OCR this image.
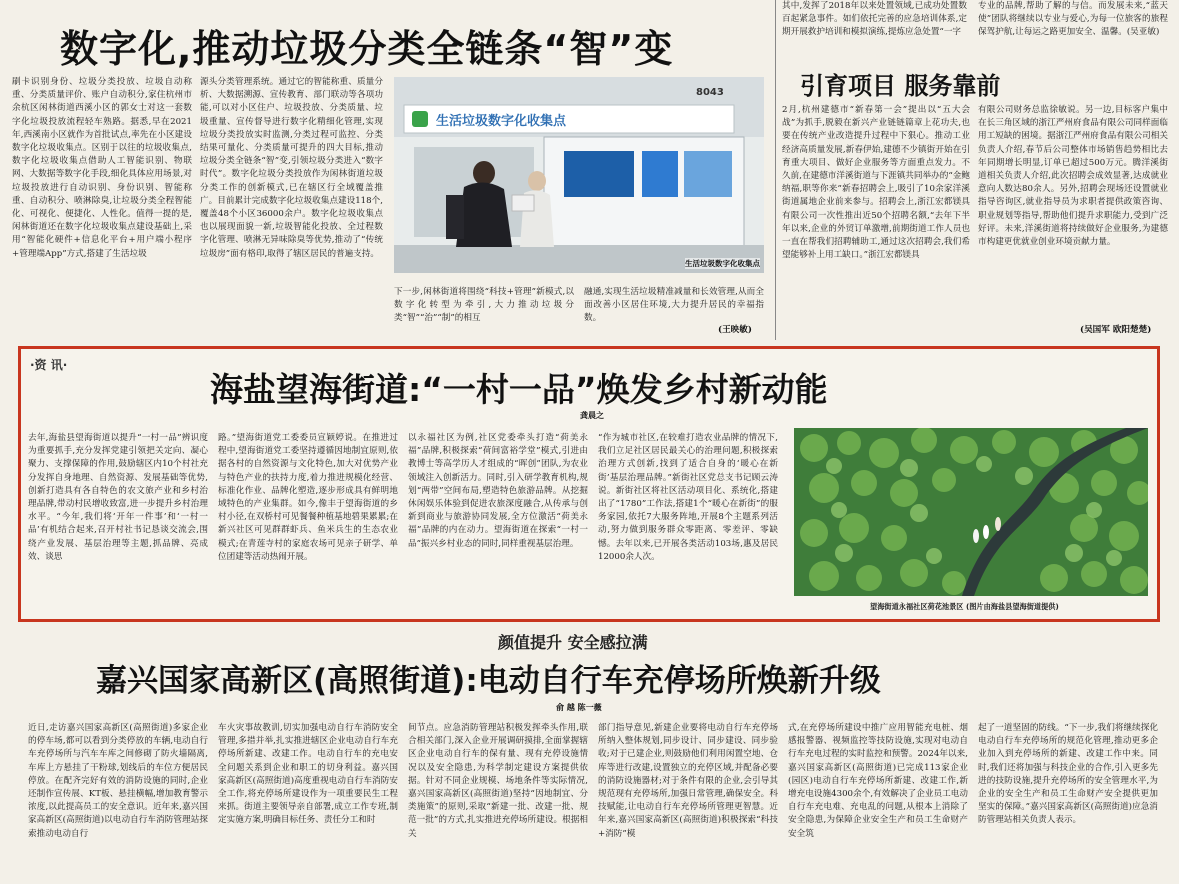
数字化,推动垃圾分类全链条“智”变
刷卡识别身份、垃圾分类投放、垃圾自动称重、分类质量评价、账户自动积分,家住杭州市余杭区闲林街道西溪小区的郭女士对这一套数字化垃圾投放流程轻车熟路。据悉,早在2021年,西溪南小区就作为首批试点,率先在小区建设数字化垃圾收集点。区别于以往的垃圾收集点,数字化垃圾收集点借助人工智能识别、物联网、大数据等数字化手段,细化具体应用场景,对垃圾投放进行自动识别、身份识别、智能称重、自动积分、喷淋除臭,让垃圾分类全程智能化、可视化、便捷化、人性化。值得一提的是,闲林街道还在数字化垃圾收集点建设基础上,采用“智能化硬件+信息化平台+用户端小程序+管理端App”方式,搭建了生活垃圾
源头分类管理系统。通过它的智能称重、质量分析、大数据溯源、宣传教育、部门联动等各项功能,可以对小区住户、垃圾投放、分类质量、垃圾重量、宣传督导进行数字化精细化管理,实现垃圾分类投放实时监测,分类过程可监控、分类结果可量化、分类质量可提升的四大目标,推动垃圾分类全链条“智”变,引领垃圾分类进入“数字时代”。数字化垃圾分类投放作为闲林街道垃圾分类工作的创新模式,已在辖区行全域覆盖推广。目前累计完成数字化垃圾收集点建设118个,覆盖48个小区36000余户。数字化垃圾收集点也以展现面貌一新,垃圾智能化投放、全过程数字化管理、喷淋无异味除臭等优势,推动了“传统垃圾房”面有格印,取得了辖区居民的普遍支持。
生活垃圾数字化收集点
8043
生活垃圾数字化收集点
下一步,闲林街道将围绕“科技+管理”新模式,以数字化转型为牵引,大力推动垃圾分类“智”“治”“制”的相互
融通,实现生活垃圾精准减量和长效管理,从而全面改善小区居住环境,大力提升居民的幸福指数。
(王映敏)
其中,发挥了2018年以来处置领域,已成功处置数百起紧急事件。如们依托完善的应急培训体系,定期开展救护培训和模拟演练,提炼应急处置“一字
专业的品牌,帮助了解的与信。而发展未来,“蓝天使”团队将继续以专业与爱心,为每一位旅客的旅程保驾护航,让每运之路更加安全、温馨。(吴亚敏)
引育项目 服务靠前
2月,杭州建德市“新春第一会”提出以“五大会战”为抓手,脱毅在新兴产业链链篇章上花功夫,也要在传统产业改造提升过程中下狠心。推动工业经济高质量发展,新春伊始,建德不少镇街开始在引育重大项目、做好企业服务等方面重点发力。不久前,在建德市洋溪街道与下涯镇共同举办的“金鲍纳福,职等你来”新春招聘会上,吸引了10余家洋溪街道属地企业前来参与。招聘会上,浙江宏都镁具有限公司一次性推出近50个招聘名额,“去年下半年以来,企业的外贸订单激增,前期街道工作人员也一直在帮我们招聘辅助工,通过这次招聘会,我们希望能够补上用工缺口。”浙江宏都镁具
有限公司财务总监徐敏说。另一边,目标客户集中在长三角区域的浙江严州府食品有限公司同样面临用工短缺的困境。据浙江严州府食品有限公司相关负责人介绍,春节后公司整体市场销售趋势相比去年同期增长明显,订单已超过500万元。腾洋溪街道相关负责人介绍,此次招聘会成效显著,达成就业意向人数达80余人。另外,招聘会现场还设置就业指导咨询区,就业指导员为求职者提供政策咨询、职业规划等指导,帮助他们提升求职能力,受到广泛好评。未来,洋溪街道将持续做好企业服务,为建德市构建更优就业创业环境贡献力量。
(吴国军 欧阳楚楚)
·资 讯·
海盐望海街道:“一村一品”焕发乡村新动能
龚晨之
去年,海盐县望海街道以提升“一村一品”辨识度为重要抓手,充分发挥党建引领把关定向、凝心聚力、支撑保障的作用,鼓励辖区内10个村社充分发挥自身地理、自然资源、发展基础等优势,创新打造具有各自特色的农文旅产业和乡村治理品牌,带动村民增收致富,进一步提升乡村治理水平。“今年,我们将‘开年一件事’和‘一村一品’有机结合起来,召开村社书记恳谈交流会,围绕产业发展、基层治理等主题,抓品牌、亮成效、谈思
路。”望海街道党工委委员宣颖婷说。在推进过程中,望海街道党工委坚持遵循因地制宜原则,依据各村的自然资源与文化特色,加大对优势产业与特色产业的扶持力度,着力推进规模化经营、标准化作业、品牌化塑造,逐步形成具有鲜明地域特色的产业集群。如今,像丰于望海街道的乡村小径,在双桥村可见餐餐种植基地碧果累累;在新兴社区可见群群虾兵、鱼米兵生的生态农业模式;在青莲寺村的家庭农场可见亲子研学、单位团建等活动热闹开展。
以永福社区为例,社区党委牵头打造“荷美永福”品牌,积极探索“荷间富裕学堂”模式,引进由教博士等高学历人才组成的“晖创”团队,为农业领域注入创新活力。同时,引入研学教育机构,规划“两带”空间布局,塑造特色旅游品牌。从挖掘休闲娱乐体验到促进农旅深度融合,从传承与创新到商业与旅游协同发展,全方位激活“荷美永福”品牌的内在动力。望海街道在探索“一村一品”振兴乡村业态的同时,同样重视基层治理。
“作为城市社区,在较难打造农业品牌的情况下,我们立足社区居民最关心的治理问题,积极探索治理方式创新,找到了适合自身的‘暖心在新街’基层治理品牌。”新街社区党总支书记顾云涛说。新街社区将社区活动项目化、系统化,搭建出了“1780”工作法,搭建1个“暖心在新街”的服务家园,依托7大服务阵地,开展8个主题系列活动,努力做到服务群众零距离、零差评、零缺憾。去年以来,已开展各类活动103场,惠及居民12000余人次。
望海街道永福社区荷花池景区 (图片由海盐县望海街道提供)
颜值提升 安全感拉满
嘉兴国家高新区(高照街道):电动自行车充停场所焕新升级
俞 越 陈一薇
近日,走访嘉兴国家高新区(高照街道)多家企业的停车场,都可以看到分类停放的车辆,电动自行车充停场所与汽车车库之间修砌了防火墙隔离,车库上方悬挂了干粉球,划线后的车位方便居民停放。在配齐完好有效的消防设施的同时,企业还制作宣传展、KT板、悬挂横幅,增加教育警示浓度,以此提高员工的安全意识。近年来,嘉兴国家高新区(高照街道)以电动自行车消防管理站探索推动电动自行
车火灾事故教训,切实加强电动自行车消防安全管理,多措并举,扎实推进辖区企业电动自行车充停场所新建、改建工作。电动自行车的充电安全问题关系到企业和职工的切身利益。嘉兴国家高新区(高照街道)高度重视电动自行车消防安全工作,将充停场所建设作为一项重要民生工程来抓。街道主要领导亲自部署,成立工作专班,制定实施方案,明确目标任务、责任分工和时
间节点。应急消防管理站积极发挥牵头作用,联合相关部门,深入企业开展调研摸排,全面掌握辖区企业电动自行车的保有量、现有充停设施情况以及安全隐患,为科学制定建设方案提供依据。针对不同企业规模、场地条件等实际情况,嘉兴国家高新区(高照街道)坚持“因地制宜、分类施策”的原则,采取“新建一批、改建一批、规范一批”的方式,扎实推进充停场所建设。根据相关
部门指导意见,新建企业要将电动自行车充停场所纳入整体规划,同步设计、同步建设、同步验收;对于已建企业,则鼓励他们利用闲置空地、仓库等进行改建,设置独立的充停区域,并配备必要的消防设施器材;对于条件有限的企业,会引导其规范现有充停场所,加强日常管理,确保安全。科技赋能,让电动自行车充停场所管理更智慧。近年来,嘉兴国家高新区(高照街道)积极探索“科技+消防”模
式,在充停场所建设中推广应用智能充电桩、烟感报警器、视频监控等技防设施,实现对电动自行车充电过程的实时监控和预警。2024年以来,嘉兴国家高新区(高照街道)已完成113家企业(园区)电动自行车充停场所新建、改建工作,新增充电设施4300余个,有效解决了企业员工电动自行车充电难、充电乱的问题,从根本上消除了安全隐患,为保障企业安全生产和员工生命财产安全筑
起了一道坚固的防线。“下一步,我们将继续探化电动自行车充停场所的规范化管理,推动更多企业加入到充停场所的新建、改建工作中来。同时,我们还将加强与科技企业的合作,引入更多先进的技防设施,提升充停场所的安全管理水平,为企业的安全生产和员工生命财产安全提供更加坚实的保障。”嘉兴国家高新区(高照街道)应急消防管理站相关负责人表示。
